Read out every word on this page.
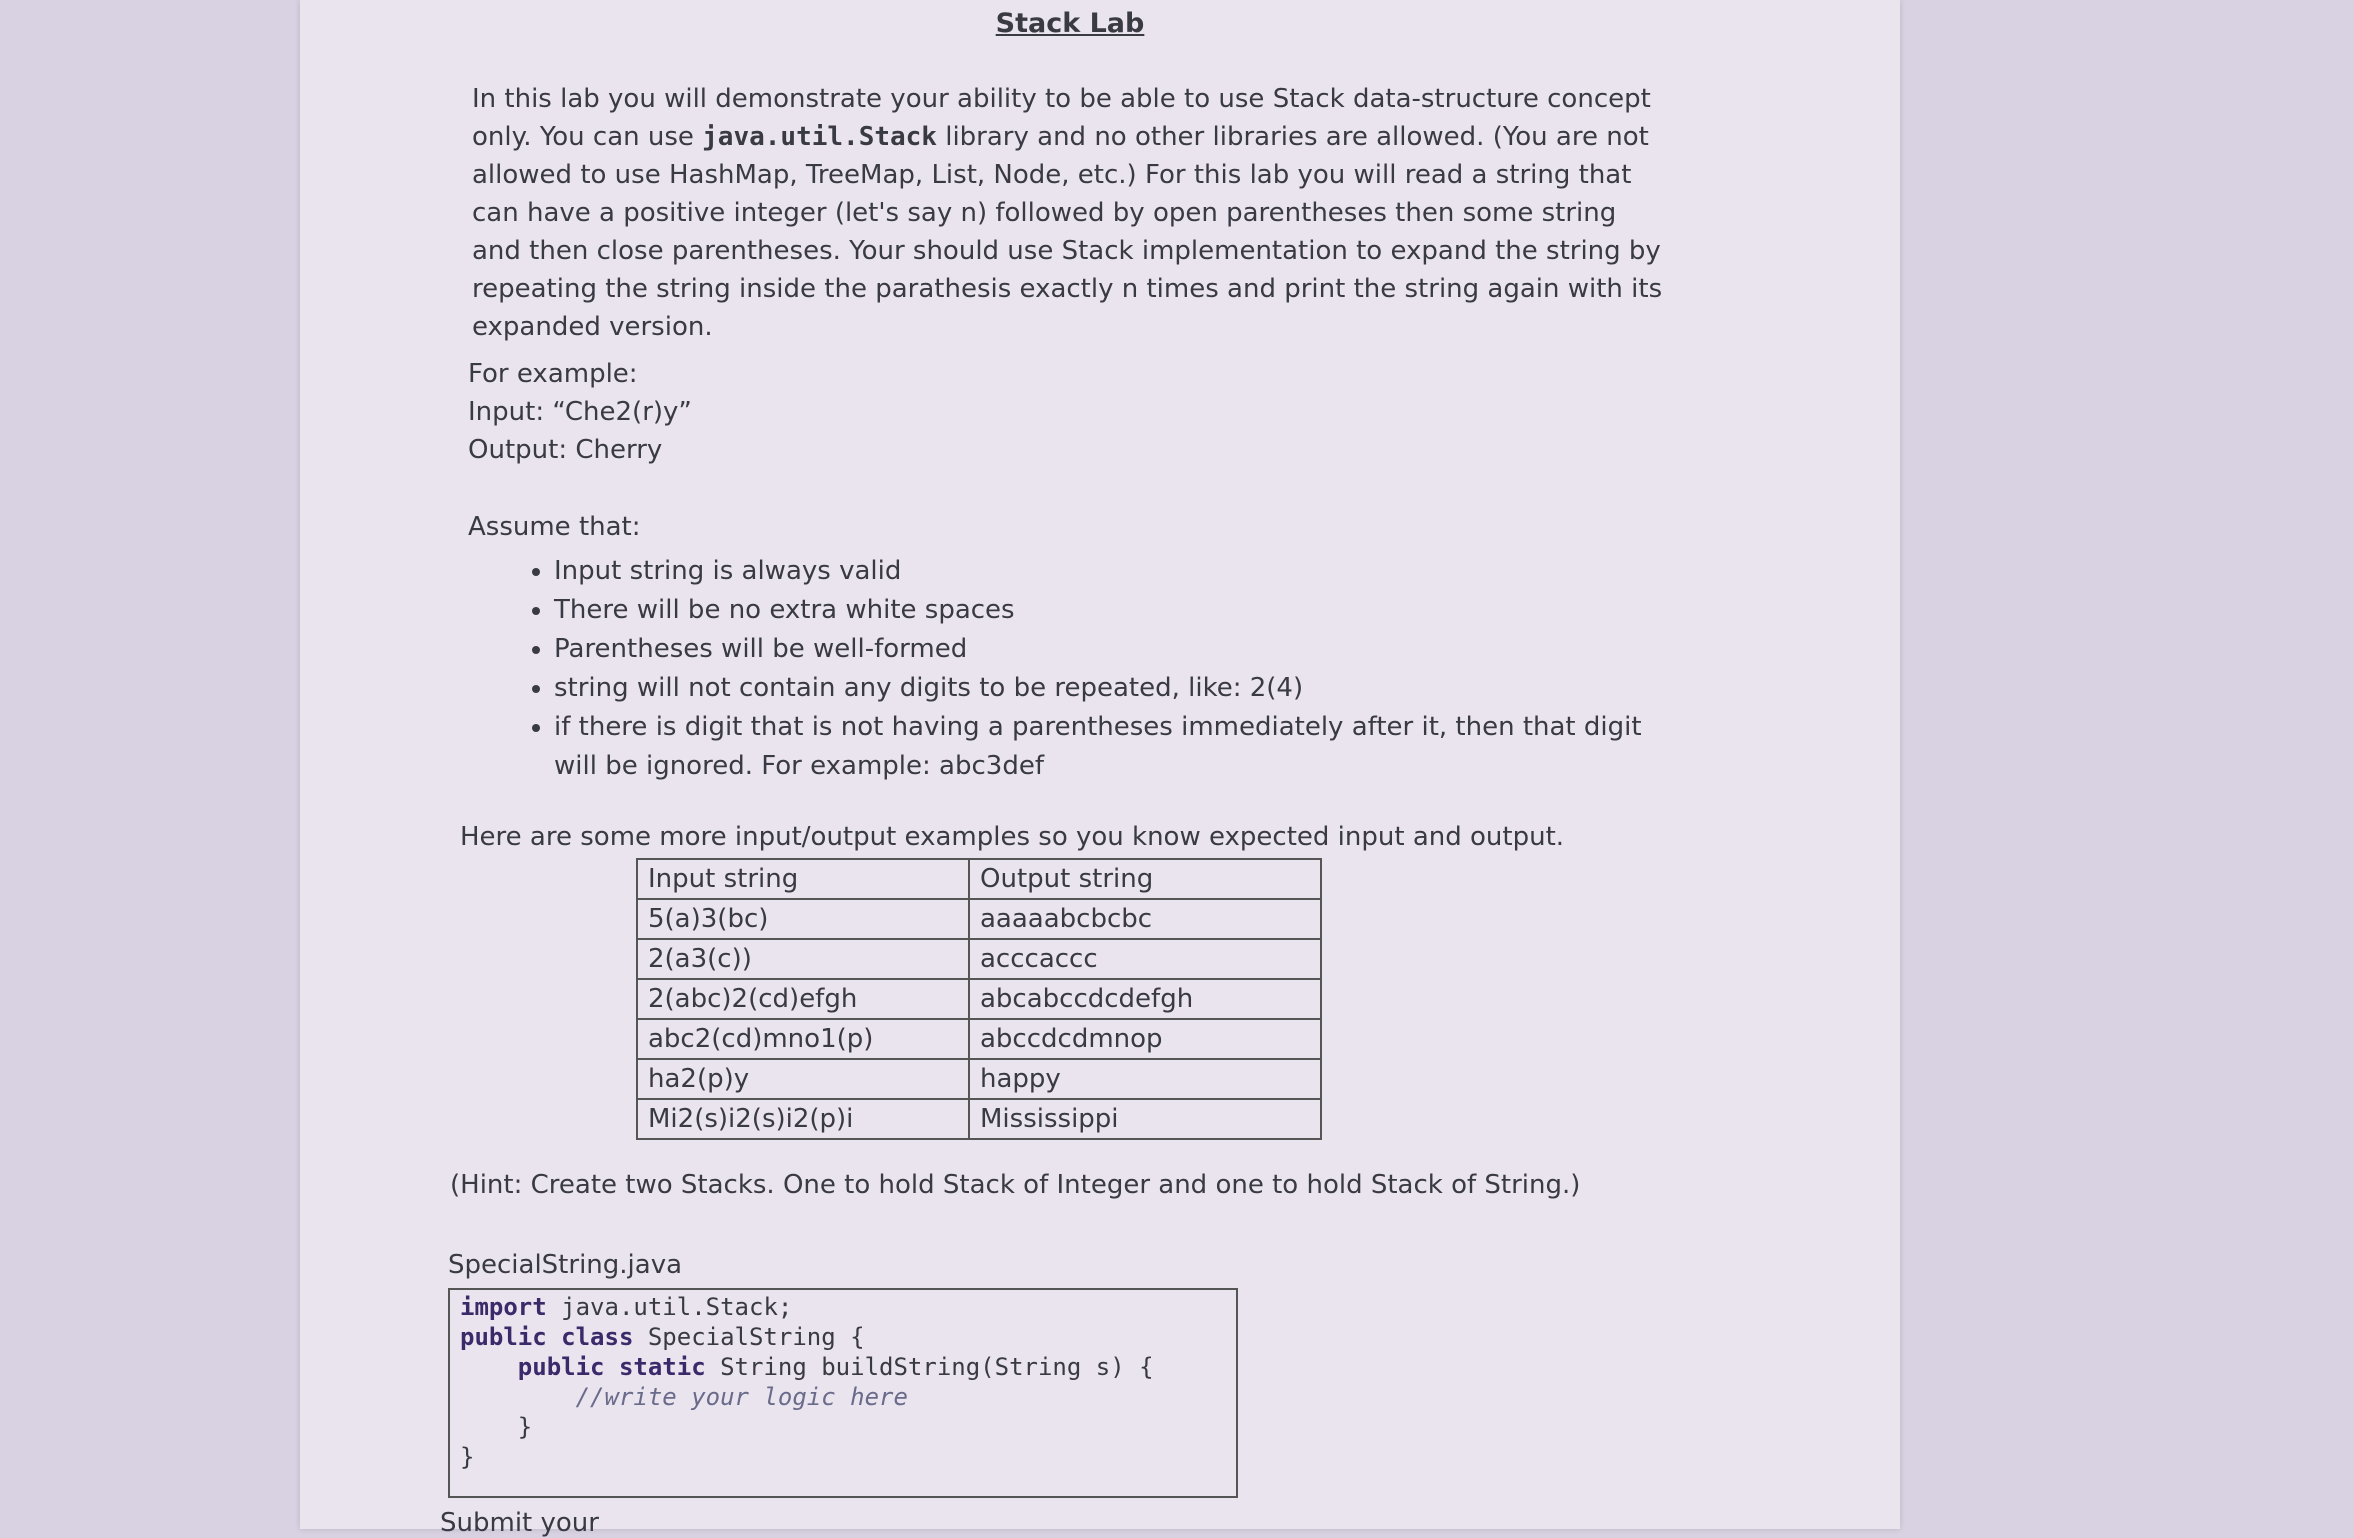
Stack Lab
In this lab you will demonstrate your ability to be able to use Stack data-structure concept only. You can use java.util.Stack library and no other libraries are allowed. (You are not allowed to use HashMap, TreeMap, List, Node, etc.) For this lab you will read a string that can have a positive integer (let's say n) followed by open parentheses then some string and then close parentheses. Your should use Stack implementation to expand the string by repeating the string inside the parathesis exactly n times and print the string again with its expanded version.
For example:
Input: “Che2(r)y”
Output: Cherry
Assume that:
• Input string is always valid
• There will be no extra white spaces
• Parentheses will be well-formed
• string will not contain any digits to be repeated, like: 2(4)
• if there is digit that is not having a parentheses immediately after it, then that digit will be ignored. For example: abc3def
Here are some more input/output examples so you know expected input and output.
Input string	Output string
5(a)3(bc)	aaaaabcbcbc
2(a3(c))	acccaccc
2(abc)2(cd)efgh	abcabccdcdefgh
abc2(cd)mno1(p)	abccdcdmnop
ha2(p)y	happy
Mi2(s)i2(s)i2(p)i	Mississippi
(Hint: Create two Stacks. One to hold Stack of Integer and one to hold Stack of String.)
SpecialString.java
import java.util.Stack;
public class SpecialString {
public static String buildString(String s) {
//write your logic here
}
}
Submit your
